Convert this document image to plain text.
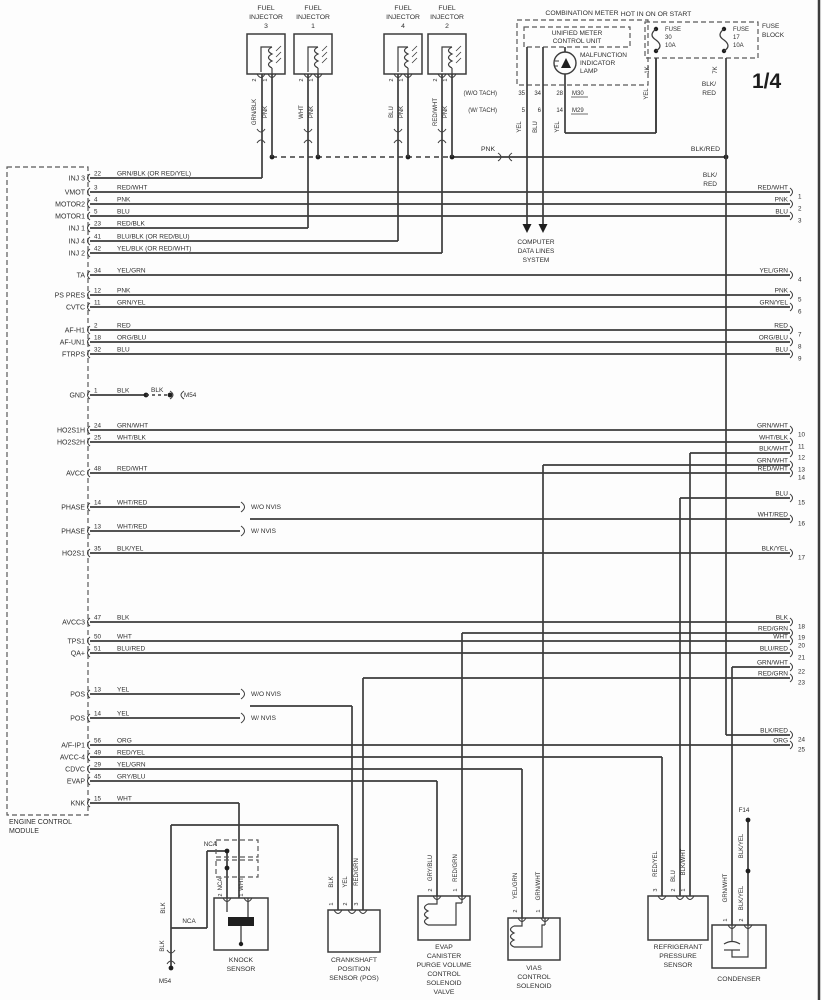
FUEL
INJECTOR
3
2 1
GRN/BLK PNK
FUEL
INJECTOR
1
2 1
WHT PNK
FUEL
INJECTOR
4
2 1
BLU PNK
FUEL
INJECTOR
2
2 1
RED/WHT PNK
PNK	BLK/RED
COMBINATION METER
UNIFIED METER
CONTROL UNIT
MALFUNCTION
INDICATOR
LAMP
(W/O TACH)	35 34	28 M30
(W/ TACH)	5 6	14 M29
YEL BLU	YEL
COMPUTER
DATA LINES
SYSTEM
HOT IN ON OR START
FUSE
BLOCK
FUSE
30
10A
FUSE
17
10A
1K
YEL
7K
BLK/
RED
BLK/
RED
ENGINE CONTROL
MODULE
INJ 3
22 GRN/BLK (OR RED/YEL)
VMOT
3	RED/WHT
MOTOR2
4	PNK
MOTOR1
5	BLU
INJ 1
23 RED/BLK
INJ 4
41 BLU/BLK (OR RED/BLU)
INJ 2
42 YEL/BLK (OR RED/WHT)
TA
34 YEL/GRN
PS PRES
12 PNK
CVTC
11	GRN/YEL
AF-H1
2	RED
AF-UN1
18 ORG/BLU
FTRPS
32 BLU
GND
1	BLK	BLK
M54
HO2S1H
24 GRN/WHT
HO2S2H
25 WHT/BLK
AVCC
48 RED/WHT
PHASE
14 WHT/RED
W/O NVIS
PHASE
13 WHT/RED
W/ NVIS
HO2S1
35 BLK/YEL
AVCC3
47 BLK
TPS1
50 WHT
QA+
51 BLU/RED
POS
13 YEL
W/O NVIS
POS
14 YEL
W/ NVIS
A/F-IP1
56 ORG
AVCC-4
49 RED/YEL
CDVC
29 YEL/GRN
EVAP
45 GRY/BLU
KNK
15 WHT
RED/WHT
1
PNK
2
BLU
3
YEL/GRN
4
PNK
5
GRN/YEL
6
RED
7
ORG/BLU
8
BLU
9
GRN/WHT
10
WHT/BLK
11
BLK/WHT
12
GRN/WHT
13
RED/WHT
14
BLU
15
WHT/RED
16
BLK/YEL
17
BLK
18
RED/GRN
19
WHT
20
BLU/RED
21
GRN/WHT
22
RED/GRN
23
BLK/RED
24
ORG
25
NCA
NCA
BLK
BLK
M54
NCA
2
WHT
1
KNOCK
SENSOR
1 2 3
BLK YEL RED/GRN
CRANKSHAFT
POSITION
SENSOR (POS)
GRY/BLU	RED/GRN
2	1
EVAP
CANISTER
PURGE VOLUME
CONTROL
SOLENOID
VALVE
YEL/GRN	GRN/WHT
2	1
VIAS
CONTROL
SOLENOID
3 2 1
RED/YEL BLU
BLK/WHT
REFRIGERANT
PRESSURE
SENSOR
F14
GRN/WHT
BLK/YEL
BLK/YEL
1 2
CONDENSER
1/4
